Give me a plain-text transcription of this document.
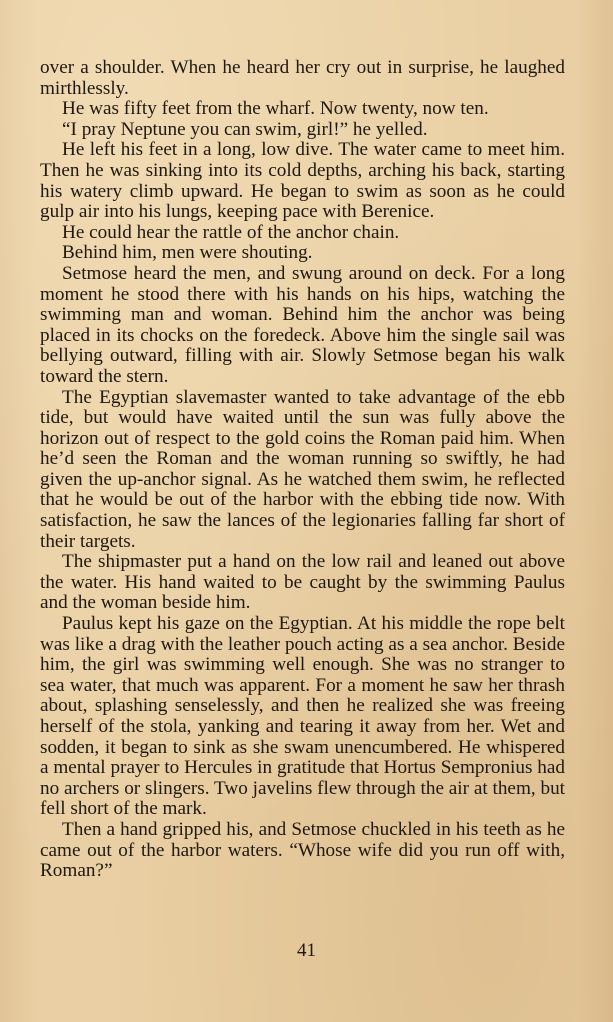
over a shoulder. When he heard her cry out in surprise, he laughed mirthlessly.

He was fifty feet from the wharf. Now twenty, now ten.

“I pray Neptune you can swim, girl!” he yelled.

He left his feet in a long, low dive. The water came to meet him. Then he was sinking into its cold depths, arching his back, starting his watery climb upward. He began to swim as soon as he could gulp air into his lungs, keeping pace with Berenice.

He could hear the rattle of the anchor chain.

Behind him, men were shouting.

Setmose heard the men, and swung around on deck. For a long moment he stood there with his hands on his hips, watching the swimming man and woman. Behind him the anchor was being placed in its chocks on the foredeck. Above him the single sail was bellying outward, filling with air. Slowly Setmose began his walk toward the stern.

The Egyptian slavemaster wanted to take advantage of the ebb tide, but would have waited until the sun was fully above the horizon out of respect to the gold coins the Roman paid him. When he’d seen the Roman and the woman running so swiftly, he had given the up-anchor signal. As he watched them swim, he reflected that he would be out of the harbor with the ebbing tide now. With satisfaction, he saw the lances of the legionaries falling far short of their targets.

The shipmaster put a hand on the low rail and leaned out above the water. His hand waited to be caught by the swimming Paulus and the woman beside him.

Paulus kept his gaze on the Egyptian. At his middle the rope belt was like a drag with the leather pouch acting as a sea anchor. Beside him, the girl was swimming well enough. She was no stranger to sea water, that much was apparent. For a moment he saw her thrash about, splashing senselessly, and then he realized she was freeing herself of the stola, yanking and tearing it away from her. Wet and sodden, it began to sink as she swam unencumbered. He whispered a mental prayer to Hercules in gratitude that Hortus Sempronius had no archers or slingers. Two javelins flew through the air at them, but fell short of the mark.

Then a hand gripped his, and Setmose chuckled in his teeth as he came out of the harbor waters. “Whose wife did you run off with, Roman?”

41
